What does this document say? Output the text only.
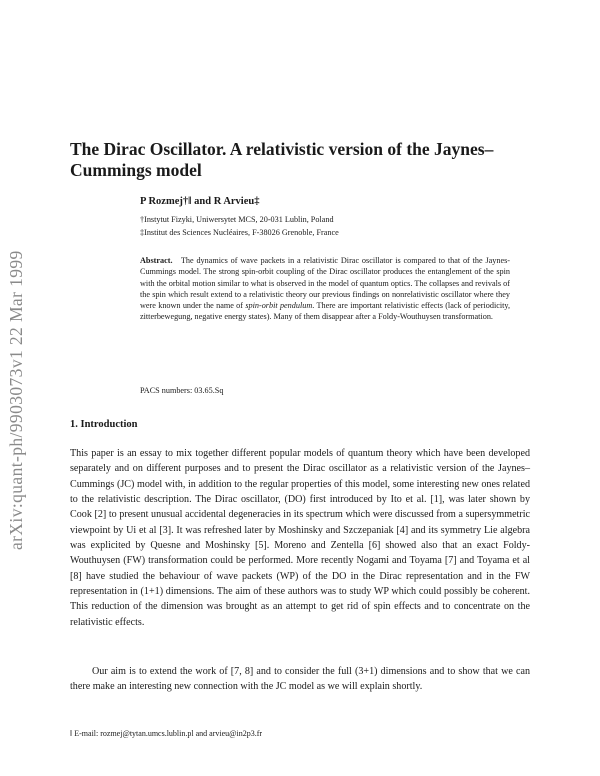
arXiv:quant-ph/9903073v1 22 Mar 1999
The Dirac Oscillator. A relativistic version of the Jaynes–Cummings model
P Rozmej†‖ and R Arvieu‡
†Instytut Fizyki, Uniwersytet MCS, 20-031 Lublin, Poland
‡Institut des Sciences Nucléaires, F-38026 Grenoble, France
Abstract. The dynamics of wave packets in a relativistic Dirac oscillator is compared to that of the Jaynes-Cummings model. The strong spin-orbit coupling of the Dirac oscillator produces the entanglement of the spin with the orbital motion similar to what is observed in the model of quantum optics. The collapses and revivals of the spin which result extend to a relativistic theory our previous findings on nonrelativistic oscillator where they were known under the name of spin-orbit pendulum. There are important relativistic effects (lack of periodicity, zitterbewegung, negative energy states). Many of them disappear after a Foldy-Wouthuysen transformation.
PACS numbers: 03.65.Sq
1. Introduction

This paper is an essay to mix together different popular models of quantum theory which have been developed separately and on different purposes and to present the Dirac oscillator as a relativistic version of the Jaynes–Cummings (JC) model with, in addition to the regular properties of this model, some interesting new ones related to the relativistic description. The Dirac oscillator, (DO) first introduced by Ito et al. [1], was later shown by Cook [2] to present unusual accidental degeneracies in its spectrum which were discussed from a supersymmetric viewpoint by Ui et al [3]. It was refreshed later by Moshinsky and Szczepaniak [4] and its symmetry Lie algebra was explicited by Quesne and Moshinsky [5]. Moreno and Zentella [6] showed also that an exact Foldy-Wouthuysen (FW) transformation could be performed. More recently Nogami and Toyama [7] and Toyama et al [8] have studied the behaviour of wave packets (WP) of the DO in the Dirac representation and in the FW representation in (1+1) dimensions. The aim of these authors was to study WP which could possibly be coherent. This reduction of the dimension was brought as an attempt to get rid of spin effects and to concentrate on the relativistic effects.

Our aim is to extend the work of [7, 8] and to consider the full (3+1) dimensions and to show that we can there make an interesting new connection with the JC model as we will explain shortly.

‖ E-mail: rozmej@tytan.umcs.lublin.pl and arvieu@in2p3.fr
